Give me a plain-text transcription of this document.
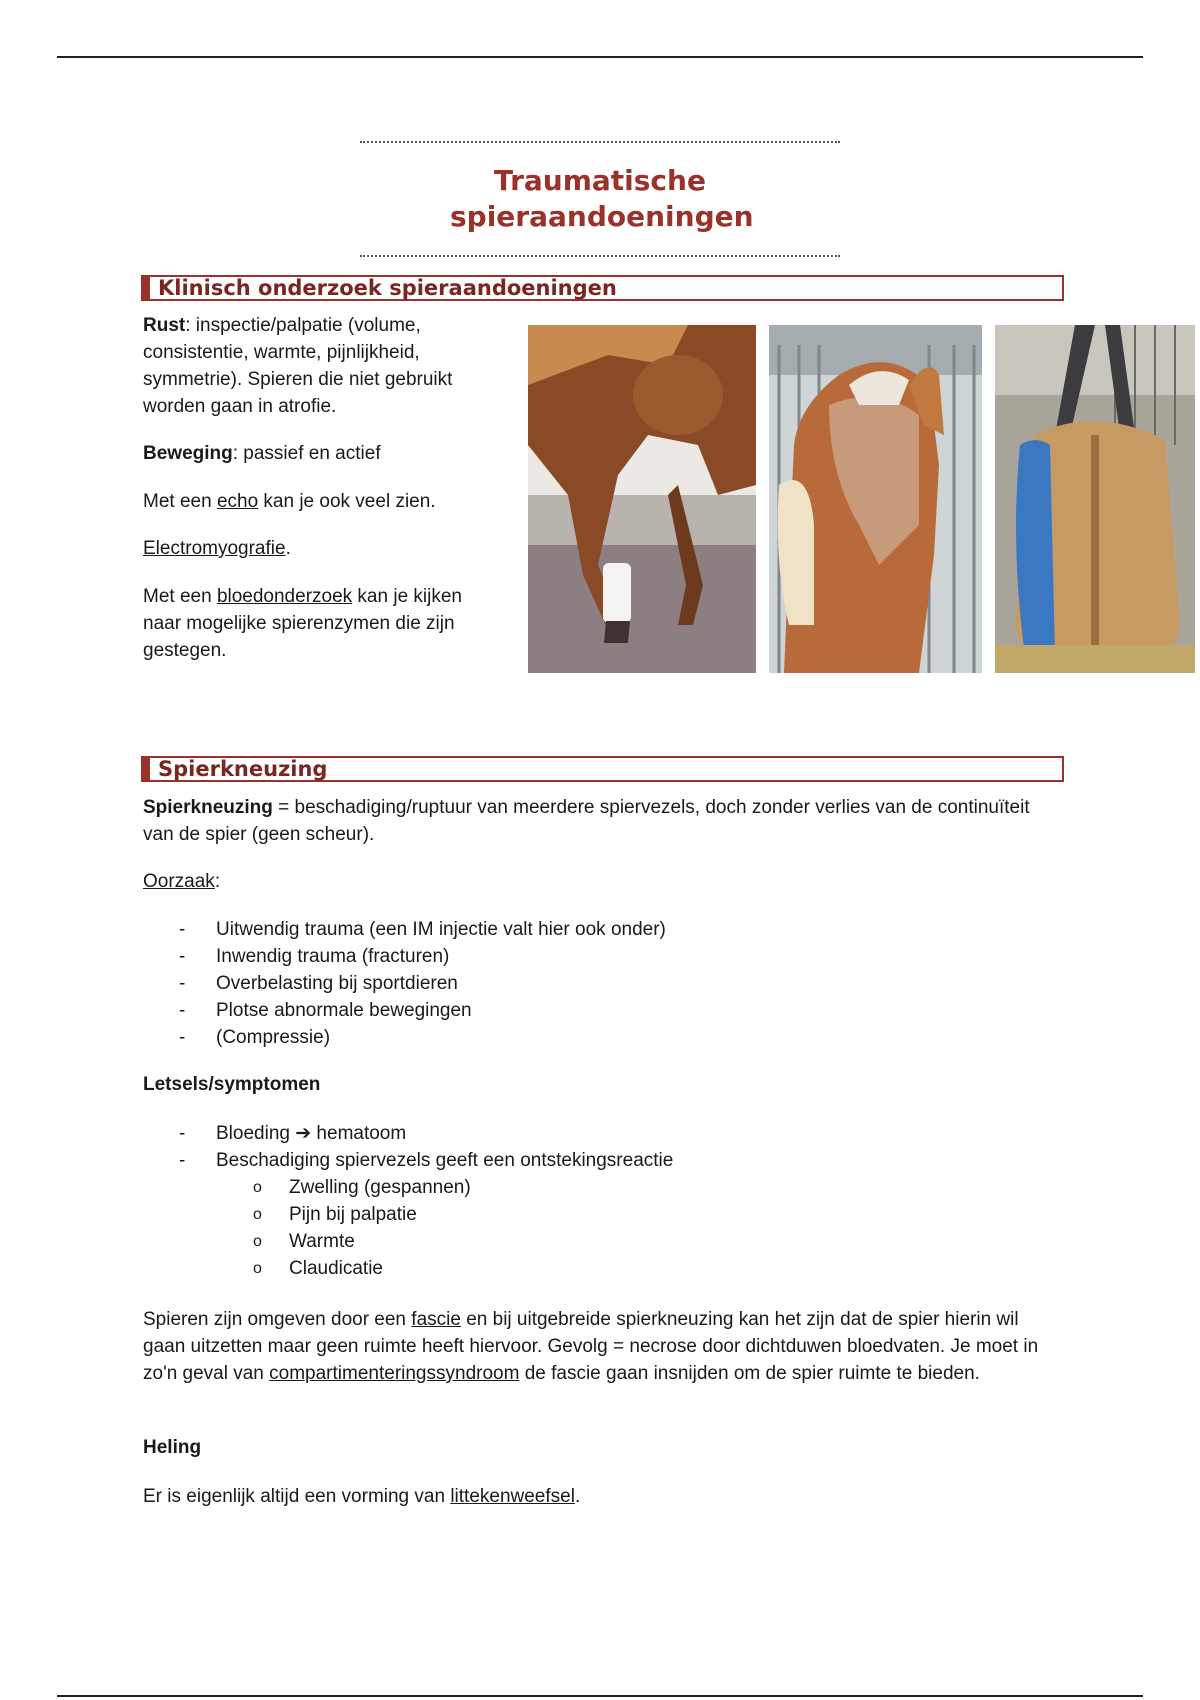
Traumatische
spieraandoeningen
Klinisch onderzoek spieraandoeningen

Rust: inspectie/palpatie (volume, consistentie, warmte, pijnlijkheid, symmetrie). Spieren die niet gebruikt worden gaan in atrofie.

Beweging: passief en actief

Met een echo kan je ook veel zien.

Electromyografie.

Met een bloedonderzoek kan je kijken naar mogelijke spierenzymen die zijn gestegen.

Spierkneuzing

Spierkneuzing = beschadiging/ruptuur van meerdere spiervezels, doch zonder verlies van de continuïteit van de spier (geen scheur).

Oorzaak:

- Uitwendig trauma (een IM injectie valt hier ook onder)
- Inwendig trauma (fracturen)
- Overbelasting bij sportdieren
- Plotse abnormale bewegingen
- (Compressie)

Letsels/symptomen

- Bloeding ➔ hematoom
- Beschadiging spiervezels geeft een ontstekingsreactie
o Zwelling (gespannen)
o Pijn bij palpatie
o Warmte
o Claudicatie

Spieren zijn omgeven door een fascie en bij uitgebreide spierkneuzing kan het zijn dat de spier hierin wil gaan uitzetten maar geen ruimte heeft hiervoor. Gevolg = necrose door dichtduwen bloedvaten. Je moet in zo'n geval van compartimenteringssyndroom de fascie gaan insnijden om de spier ruimte te bieden.

Heling

Er is eigenlijk altijd een vorming van littekenweefsel.
